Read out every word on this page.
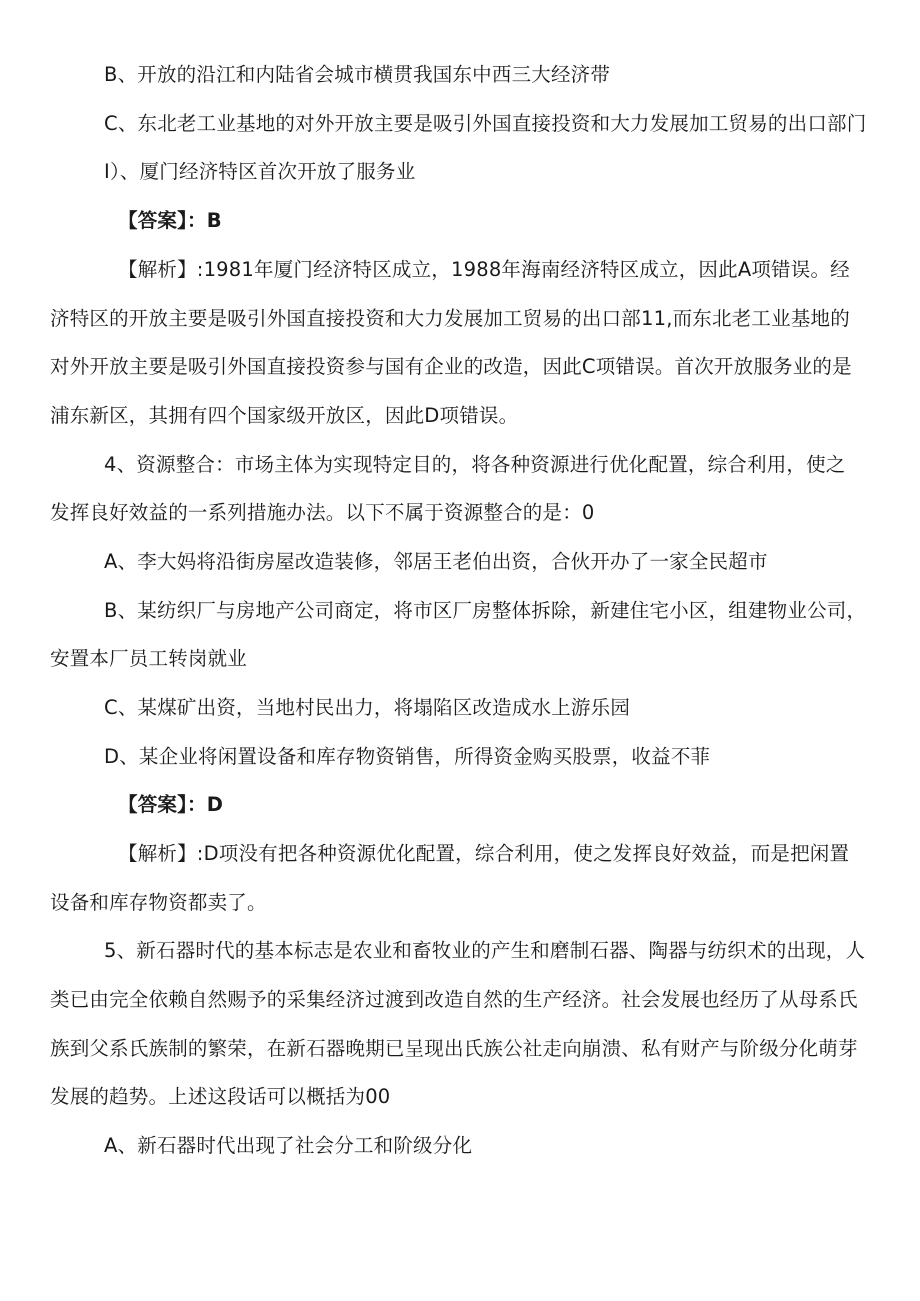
B、开放的沿江和内陆省会城市横贯我国东中西三大经济带
C、东北老工业基地的对外开放主要是吸引外国直接投资和大力发展加工贸易的出口部门
I）、厦门经济特区首次开放了服务业
【答案】：B
【解析】:1981年厦门经济特区成立，1988年海南经济特区成立，因此A项错误。经
济特区的开放主要是吸引外国直接投资和大力发展加工贸易的出口部11,而东北老工业基地的
对外开放主要是吸引外国直接投资参与国有企业的改造，因此C项错误。首次开放服务业的是
浦东新区，其拥有四个国家级开放区，因此D项错误。
4、资源整合：市场主体为实现特定目的，将各种资源进行优化配置，综合利用，使之
发挥良好效益的一系列措施办法。以下不属于资源整合的是：0
A、李大妈将沿街房屋改造装修，邻居王老伯出资，合伙开办了一家全民超市
B、某纺织厂与房地产公司商定，将市区厂房整体拆除，新建住宅小区，组建物业公司，
安置本厂员工转岗就业
C、某煤矿出资，当地村民出力，将塌陷区改造成水上游乐园
D、某企业将闲置设备和库存物资销售，所得资金购买股票，收益不菲
【答案】：D
【解析】:D项没有把各种资源优化配置，综合利用，使之发挥良好效益，而是把闲置
设备和库存物资都卖了。
5、新石器时代的基本标志是农业和畜牧业的产生和磨制石器、陶器与纺织术的出现，人
类已由完全依赖自然赐予的采集经济过渡到改造自然的生产经济。社会发展也经历了从母系氏
族到父系氏族制的繁荣，在新石器晚期已呈现出氏族公社走向崩溃、私有财产与阶级分化萌芽
发展的趋势。上述这段话可以概括为00
A、新石器时代出现了社会分工和阶级分化
